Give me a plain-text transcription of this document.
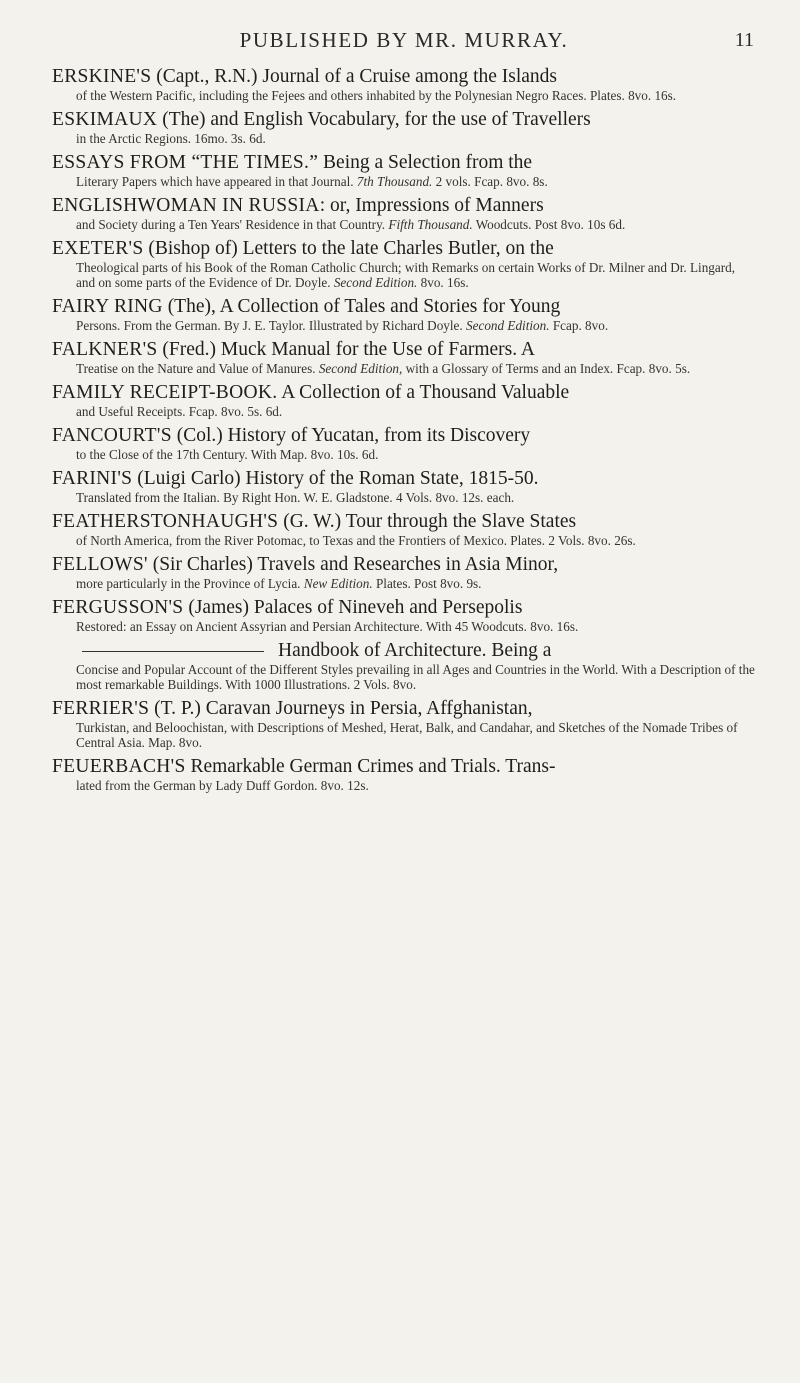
PUBLISHED BY MR. MURRAY.	11

ERSKINE'S (Capt., R.N.) Journal of a Cruise among the Islands

of the Western Pacific, including the Fejees and others inhabited by the Polynesian Negro Races. Plates. 8vo. 16s.

ESKIMAUX (The) and English Vocabulary, for the use of Travellers

in the Arctic Regions. 16mo. 3s. 6d.

ESSAYS FROM “THE TIMES.” Being a Selection from the

Literary Papers which have appeared in that Journal. 7th Thousand. 2 vols. Fcap. 8vo. 8s.

ENGLISHWOMAN IN RUSSIA: or, Impressions of Manners

and Society during a Ten Years' Residence in that Country. Fifth Thousand. Woodcuts. Post 8vo. 10s 6d.

EXETER'S (Bishop of) Letters to the late Charles Butler, on the

Theological parts of his Book of the Roman Catholic Church; with Remarks on certain Works of Dr. Milner and Dr. Lingard, and on some parts of the Evidence of Dr. Doyle. Second Edition. 8vo. 16s.

FAIRY RING (The), A Collection of Tales and Stories for Young

Persons. From the German. By J. E. Taylor. Illustrated by Richard Doyle. Second Edition. Fcap. 8vo.

FALKNER'S (Fred.) Muck Manual for the Use of Farmers. A

Treatise on the Nature and Value of Manures. Second Edition, with a Glossary of Terms and an Index. Fcap. 8vo. 5s.

FAMILY RECEIPT-BOOK. A Collection of a Thousand Valuable

and Useful Receipts. Fcap. 8vo. 5s. 6d.

FANCOURT'S (Col.) History of Yucatan, from its Discovery

to the Close of the 17th Century. With Map. 8vo. 10s. 6d.

FARINI'S (Luigi Carlo) History of the Roman State, 1815-50.

Translated from the Italian. By Right Hon. W. E. Gladstone. 4 Vols. 8vo. 12s. each.

FEATHERSTONHAUGH'S (G. W.) Tour through the Slave States

of North America, from the River Potomac, to Texas and the Frontiers of Mexico. Plates. 2 Vols. 8vo. 26s.

FELLOWS' (Sir Charles) Travels and Researches in Asia Minor,

more particularly in the Province of Lycia. New Edition. Plates. Post 8vo. 9s.

FERGUSSON'S (James) Palaces of Nineveh and Persepolis

Restored: an Essay on Ancient Assyrian and Persian Architecture. With 45 Woodcuts. 8vo. 16s.

Handbook of Architecture. Being a

Concise and Popular Account of the Different Styles prevailing in all Ages and Countries in the World. With a Description of the most remarkable Buildings. With 1000 Illustrations. 2 Vols. 8vo.

FERRIER'S (T. P.) Caravan Journeys in Persia, Affghanistan,

Turkistan, and Beloochistan, with Descriptions of Meshed, Herat, Balk, and Candahar, and Sketches of the Nomade Tribes of Central Asia. Map. 8vo.

FEUERBACH'S Remarkable German Crimes and Trials. Trans-

lated from the German by Lady Duff Gordon. 8vo. 12s.
